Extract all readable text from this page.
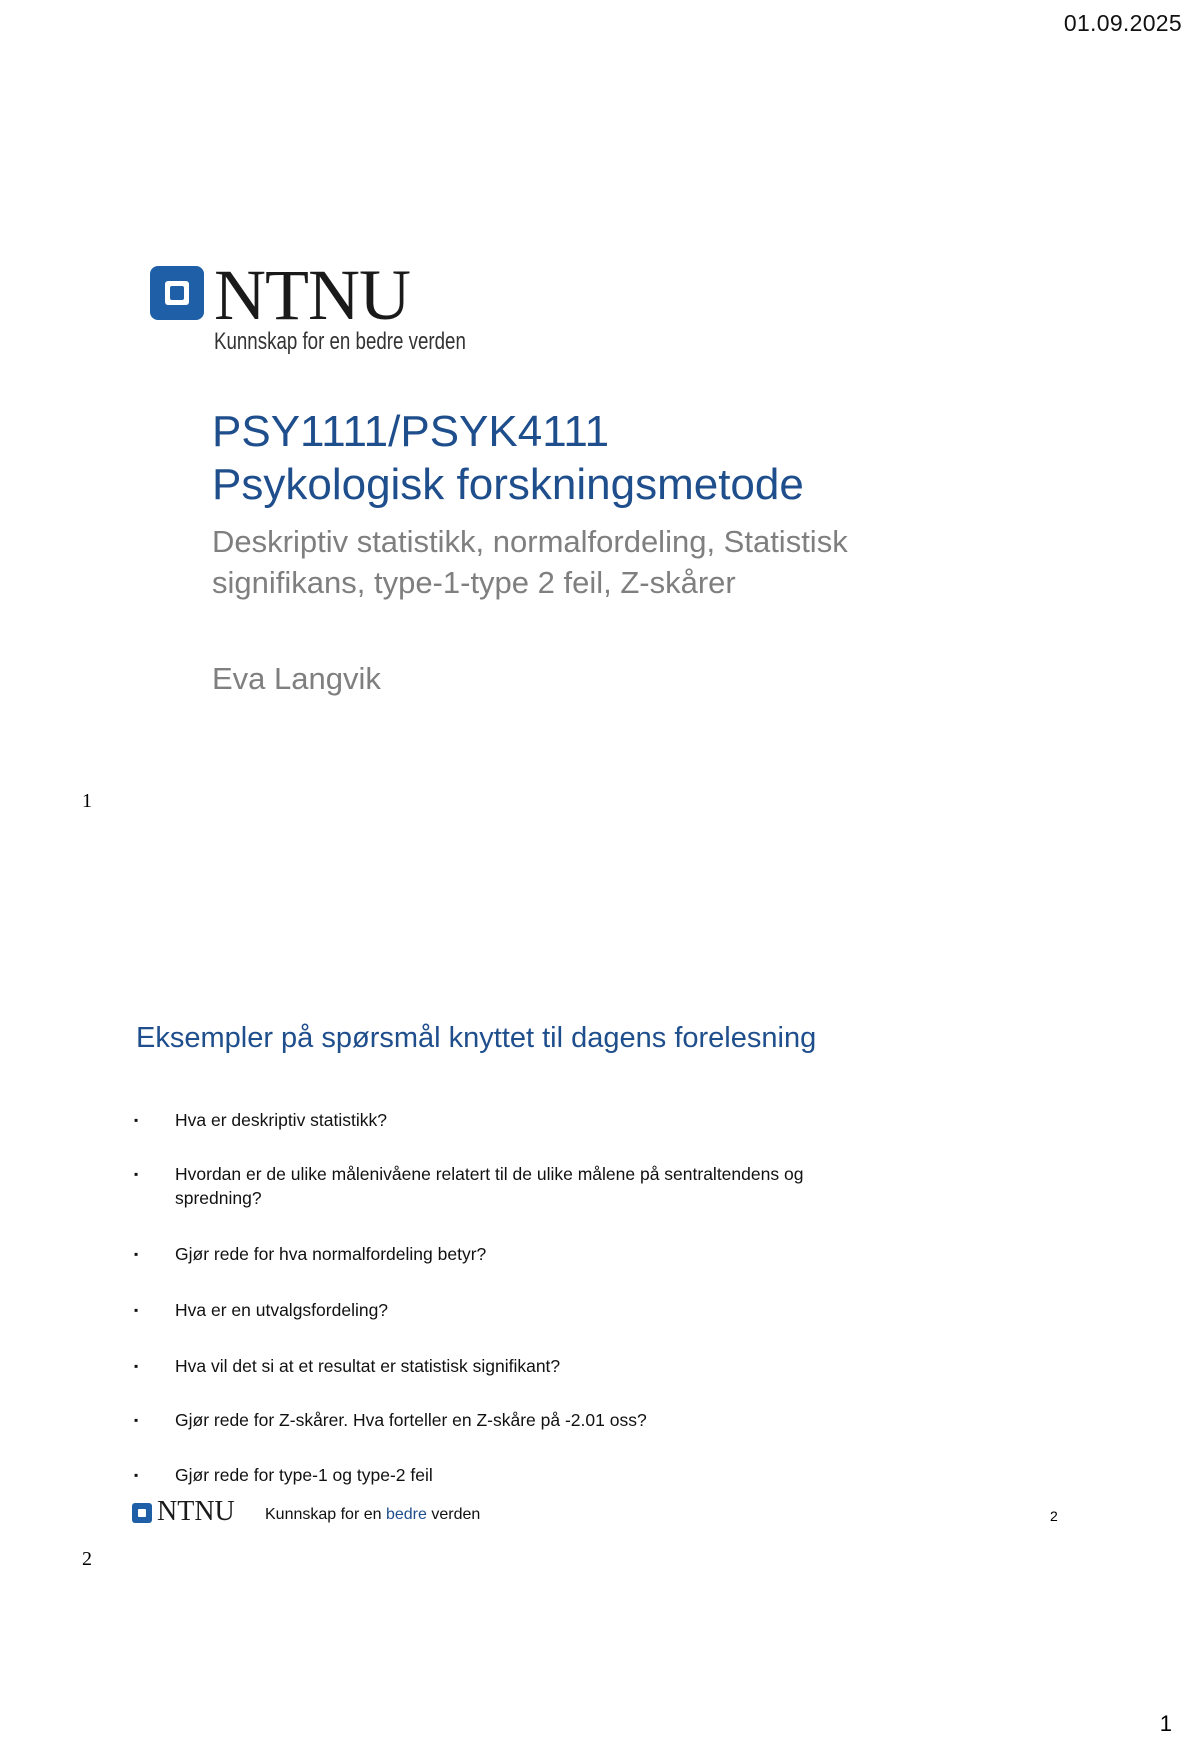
01.09.2025
NTNU
Kunnskap for en bedre verden
PSY1111/PSYK4111
Psykologisk forskningsmetode
Deskriptiv statistikk, normalfordeling, Statistisk signifikans, type-1-type 2 feil, Z-skårer
Eva Langvik
1
Eksempler på spørsmål knyttet til dagens forelesning
▪ Hva er deskriptiv statistikk?
▪ Hvordan er de ulike målenivåene relatert til de ulike målene på sentraltendens og spredning?
▪ Gjør rede for hva normalfordeling betyr?
▪ Hva er en utvalgsfordeling?
▪ Hva vil det si at et resultat er statistisk signifikant?
▪ Gjør rede for Z-skårer. Hva forteller en Z-skåre på -2.01 oss?
▪ Gjør rede for type-1 og type-2 feil
NTNU Kunnskap for en bedre verden	2
2
1
